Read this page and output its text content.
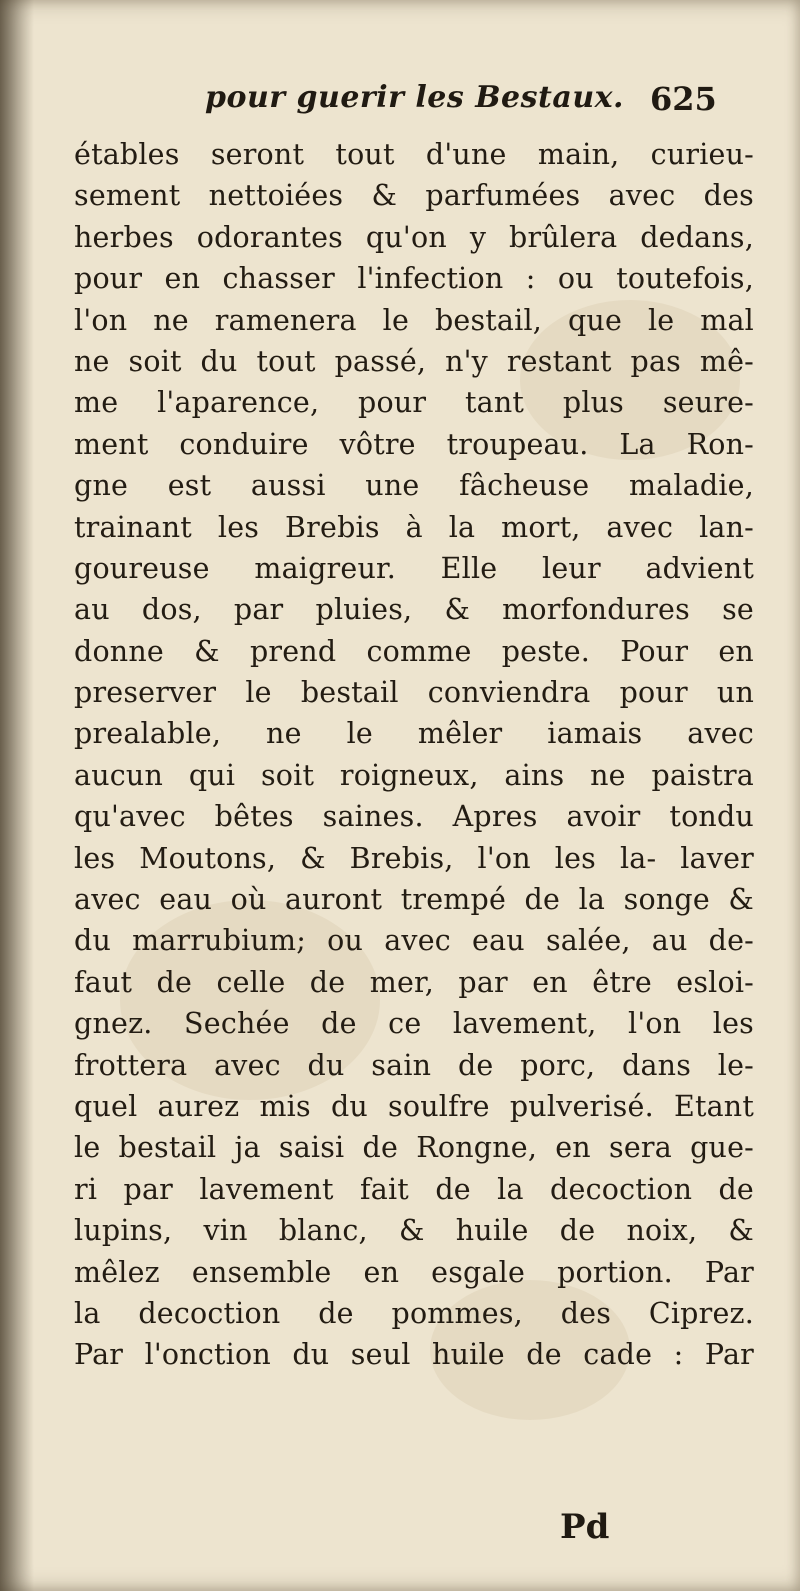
pour guerir les Bestaux. 625
étables seront tout d'une main, curieu-
sement nettoiées & parfumées avec des
herbes odorantes qu'on y brûlera dedans,
pour en chasser l'infection : ou toutefois,
l'on ne ramenera le bestail, que le mal
ne soit du tout passé, n'y restant pas mê-
me l'aparence, pour tant plus seure-
ment conduire vôtre troupeau. La Ron-
gne est aussi une fâcheuse maladie,
trainant les Brebis à la mort, avec lan-
goureuse maigreur. Elle leur advient
au dos, par pluies, & morfondures se
donne & prend comme peste. Pour en
preserver le bestail conviendra pour un
prealable, ne le mêler iamais avec
aucun qui soit roigneux, ains ne paistra
qu'avec bêtes saines. Apres avoir tondu
les Moutons, & Brebis, l'on les la- laver
avec eau où auront trempé de la songe &
du marrubium; ou avec eau salée, au de-
faut de celle de mer, par en être esloi-
gnez. Sechée de ce lavement, l'on les
frottera avec du sain de porc, dans le-
quel aurez mis du soulfre pulverisé. Etant
le bestail ja saisi de Rongne, en sera gue-
ri par lavement fait de la decoction de
lupins, vin blanc, & huile de noix, &
mêlez ensemble en esgale portion. Par
la decoction de pommes, des Ciprez.
Par l'onction du seul huile de cade : Par
Pd
